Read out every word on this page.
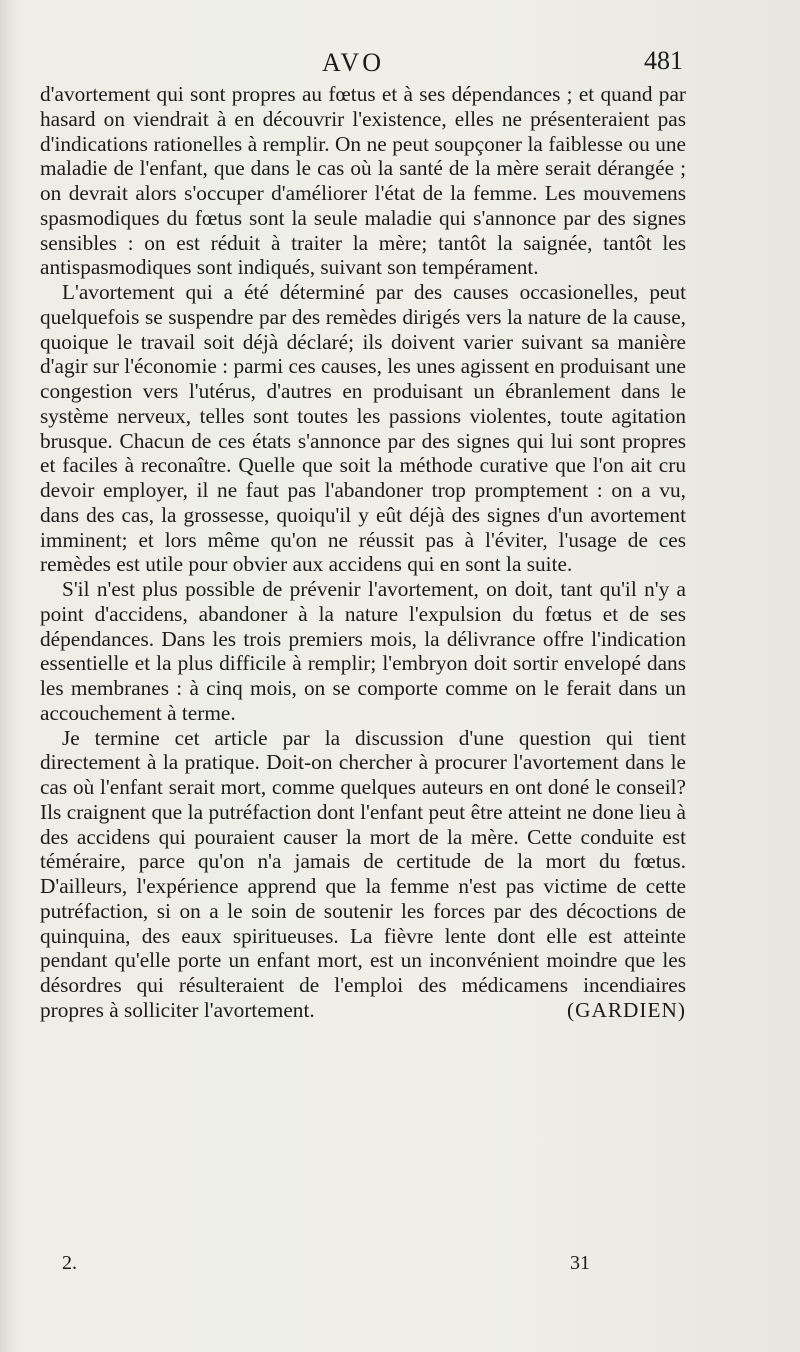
AVO	481

d'avortement qui sont propres au fœtus et à ses dépendances ; et quand par hasard on viendrait à en découvrir l'existence, elles ne présenteraient pas d'indications rationelles à remplir. On ne peut soupçoner la faiblesse ou une maladie de l'enfant, que dans le cas où la santé de la mère serait dérangée ; on devrait alors s'occuper d'améliorer l'état de la femme. Les mouvemens spasmodiques du fœtus sont la seule maladie qui s'annonce par des signes sensibles : on est réduit à traiter la mère; tantôt la saignée, tantôt les antispasmodiques sont indiqués, suivant son tempérament.

L'avortement qui a été déterminé par des causes occasionelles, peut quelquefois se suspendre par des remèdes dirigés vers la nature de la cause, quoique le travail soit déjà déclaré; ils doivent varier suivant sa manière d'agir sur l'économie : parmi ces causes, les unes agissent en produisant une congestion vers l'utérus, d'autres en produisant un ébranlement dans le système nerveux, telles sont toutes les passions violentes, toute agitation brusque. Chacun de ces états s'annonce par des signes qui lui sont propres et faciles à reconaître. Quelle que soit la méthode curative que l'on ait cru devoir employer, il ne faut pas l'abandoner trop promptement : on a vu, dans des cas, la grossesse, quoiqu'il y eût déjà des signes d'un avortement imminent; et lors même qu'on ne réussit pas à l'éviter, l'usage de ces remèdes est utile pour obvier aux accidens qui en sont la suite.

S'il n'est plus possible de prévenir l'avortement, on doit, tant qu'il n'y a point d'accidens, abandoner à la nature l'expulsion du fœtus et de ses dépendances. Dans les trois premiers mois, la délivrance offre l'indication essentielle et la plus difficile à remplir; l'embryon doit sortir envelopé dans les membranes : à cinq mois, on se comporte comme on le ferait dans un accouchement à terme.

Je termine cet article par la discussion d'une question qui tient directement à la pratique. Doit-on chercher à procurer l'avortement dans le cas où l'enfant serait mort, comme quelques auteurs en ont doné le conseil? Ils craignent que la putréfaction dont l'enfant peut être atteint ne done lieu à des accidens qui pouraient causer la mort de la mère. Cette conduite est téméraire, parce qu'on n'a jamais de certitude de la mort du fœtus. D'ailleurs, l'expérience apprend que la femme n'est pas victime de cette putréfaction, si on a le soin de soutenir les forces par des décoctions de quinquina, des eaux spiritueuses. La fièvre lente dont elle est atteinte pendant qu'elle porte un enfant mort, est un inconvénient moindre que les désordres qui résulteraient de l'emploi des médicamens incendiaires propres à solliciter l'avortement.	(GARDIEN)

2.	31
